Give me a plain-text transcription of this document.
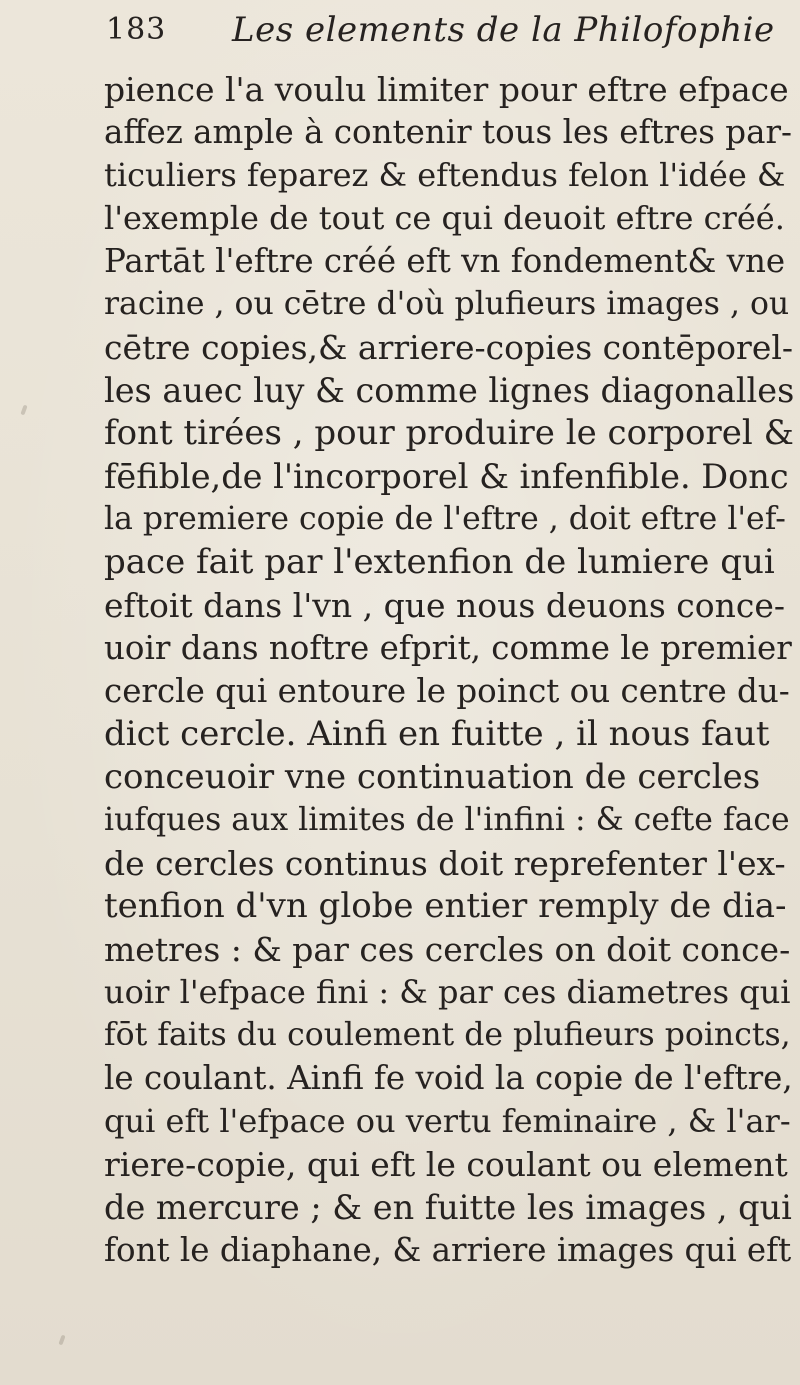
183 Les elements de la Philofophie
pience l'a voulu limiter pour eftre efpace
affez ample à contenir tous les eftres par-
ticuliers feparez & eftendus felon l'idée &
l'exemple de tout ce qui deuoit eftre créé.
Partāt l'eftre créé eft vn fondement& vne
racine , ou cētre d'où plufieurs images , ou
cētre copies,& arriere-copies contēporel-
les auec luy & comme lignes diagonalles
font tirées , pour produire le corporel &
fēfible,de l'incorporel & infenfible. Donc
la premiere copie de l'eftre , doit eftre l'ef-
pace fait par l'extenfion de lumiere qui
eftoit dans l'vn , que nous deuons conce-
uoir dans noftre efprit, comme le premier
cercle qui entoure le poinct ou centre du-
dict cercle. Ainfi en fuitte , il nous faut
conceuoir vne continuation de cercles
iufques aux limites de l'infini : & cefte face
de cercles continus doit reprefenter l'ex-
tenfion d'vn globe entier remply de dia-
metres : & par ces cercles on doit conce-
uoir l'efpace fini : & par ces diametres qui
fōt faits du coulement de plufieurs poincts,
le coulant. Ainfi fe void la copie de l'eftre,
qui eft l'efpace ou vertu feminaire , & l'ar-
riere-copie, qui eft le coulant ou element
de mercure ; & en fuitte les images , qui
font le diaphane, & arriere images qui eft
